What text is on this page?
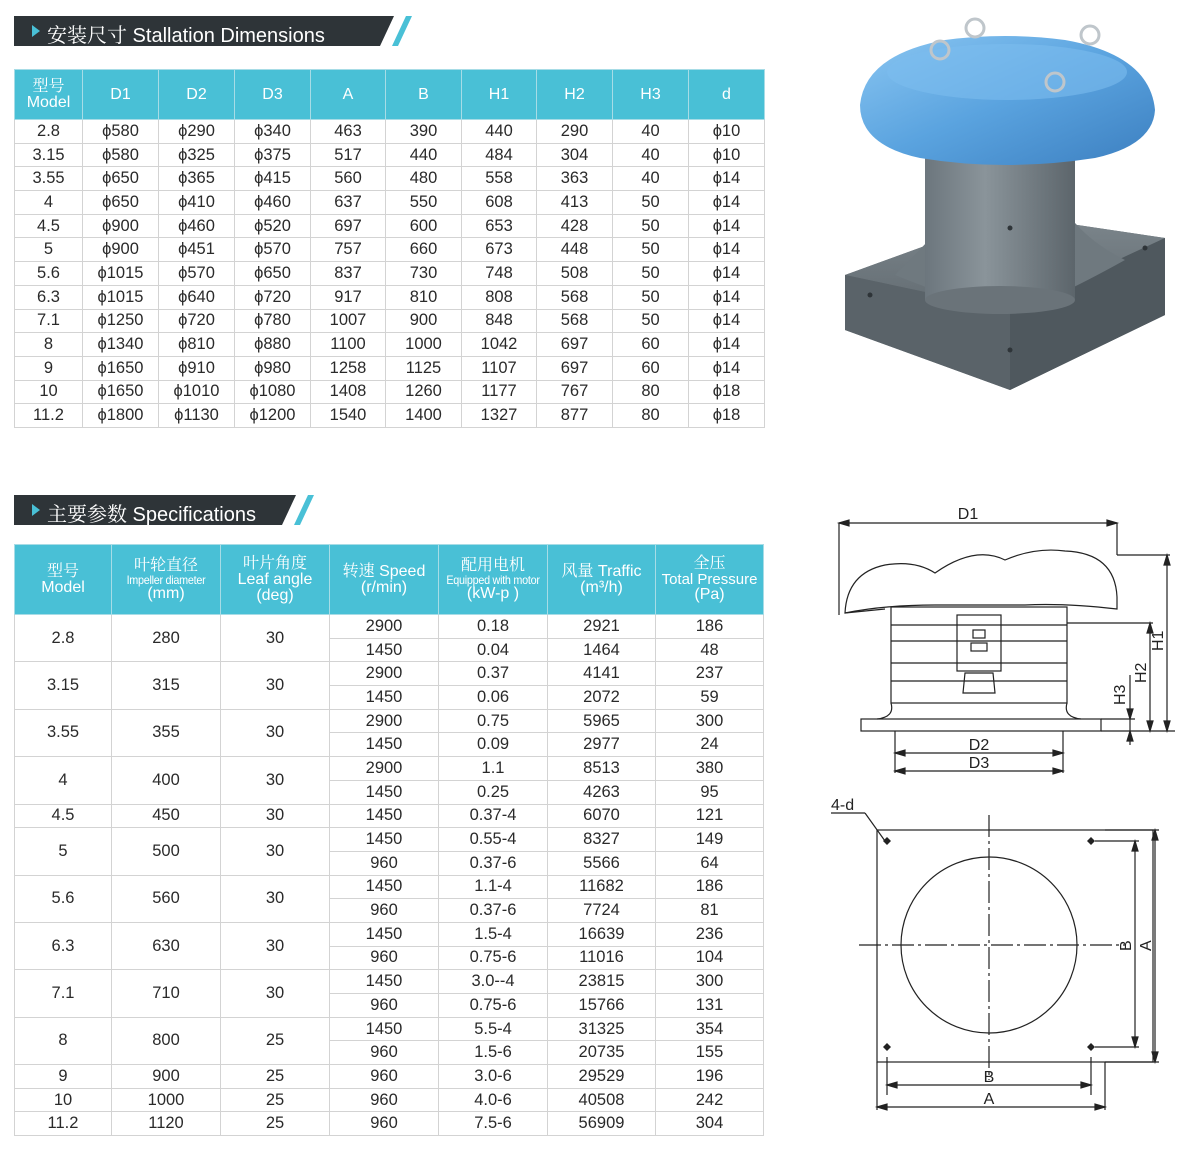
安装尺寸 Stallation Dimensions
型号
Model	D1	D2	D3	A	B	H1	H2	H3	d
2.8	ϕ580	ϕ290	ϕ340	463	390	440	290	40	ϕ10
3.15	ϕ580	ϕ325	ϕ375	517	440	484	304	40	ϕ10
3.55	ϕ650	ϕ365	ϕ415	560	480	558	363	40	ϕ14
4	ϕ650	ϕ410	ϕ460	637	550	608	413	50	ϕ14
4.5	ϕ900	ϕ460	ϕ520	697	600	653	428	50	ϕ14
5	ϕ900	ϕ451	ϕ570	757	660	673	448	50	ϕ14
5.6	ϕ1015	ϕ570	ϕ650	837	730	748	508	50	ϕ14
6.3	ϕ1015	ϕ640	ϕ720	917	810	808	568	50	ϕ14
7.1	ϕ1250	ϕ720	ϕ780	1007	900	848	568	50	ϕ14
8	ϕ1340	ϕ810	ϕ880	1100	1000	1042	697	60	ϕ14
9	ϕ1650	ϕ910	ϕ980	1258	1125	1107	697	60	ϕ14
10	ϕ1650	ϕ1010	ϕ1080	1408	1260	1177	767	80	ϕ18
11.2	ϕ1800	ϕ1130	ϕ1200	1540	1400	1327	877	80	ϕ18
主要参数 Specifications
型号
Model	叶轮直径
Impeller diameter
(mm)	叶片角度
Leaf angle
(deg)	转速 Speed
(r/min)	配用电机
Equipped with motor
(kW-p )	风量 Traffic
(m³/h)	全压
Total Pressure
(Pa)

2.8	280	30	2900	0.18	2921	186
			1450	0.04	1464	48
3.15	315	30	2900	0.37	4141	237
			1450	0.06	2072	59
3.55	355	30	2900	0.75	5965	300
			1450	0.09	2977	24
4	400	30	2900	1.1	8513	380
			1450	0.25	4263	95
4.5	450	30	1450	0.37-4	6070	121
5	500	30	1450	0.55-4	8327	149
			960	0.37-6	5566	64
5.6	560	30	1450	1.1-4	11682	186
			960	0.37-6	7724	81
6.3	630	30	1450	1.5-4	16639	236
			960	0.75-6	11016	104
7.1	710	30	1450	3.0--4	23815	300
			960	0.75-6	15766	131
8	800	25	1450	5.5-4	31325	354
			960	1.5-6	20735	155
9	900	25	960	3.0-6	29529	196
10	1000	25	960	4.0-6	40508	242
11.2	1120	25	960	7.5-6	56909	304
D1
D2
D3
H1
H2
H3
4-d
B
A
B A
